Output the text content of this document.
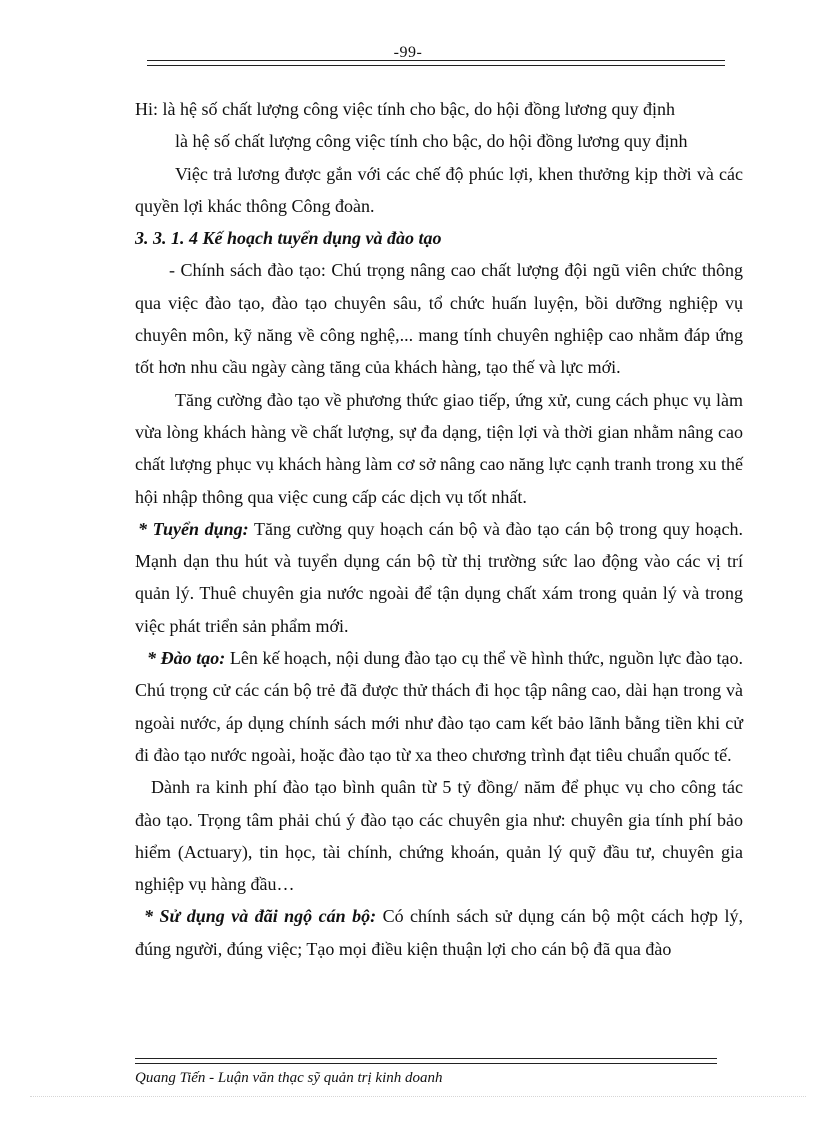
-99-

Hi: là hệ số chất lượng công việc tính cho bậc, do hội đồng lương quy định

là hệ số chất lượng công việc tính cho bậc, do hội đồng lương quy định

Việc trả lương được gắn với các chế độ phúc lợi, khen thưởng kịp thời và các quyền lợi khác thông Công đoàn.

3. 3. 1. 4 Kế hoạch tuyển dụng và đào tạo

- Chính sách đào tạo: Chú trọng nâng cao chất lượng đội ngũ viên chức thông qua việc đào tạo, đào tạo chuyên sâu, tổ chức huấn luyện, bồi dưỡng nghiệp vụ chuyên môn, kỹ năng về công nghệ,... mang tính chuyên nghiệp cao nhằm đáp ứng tốt hơn nhu cầu ngày càng tăng của khách hàng, tạo thế và lực mới.

Tăng cường đào tạo về phương thức giao tiếp, ứng xử, cung cách phục vụ làm vừa lòng khách hàng về chất lượng, sự đa dạng, tiện lợi và thời gian nhằm nâng cao chất lượng phục vụ khách hàng làm cơ sở nâng cao năng lực cạnh tranh trong xu thế hội nhập thông qua việc cung cấp các dịch vụ tốt nhất.

* Tuyển dụng: Tăng cường quy hoạch cán bộ và đào tạo cán bộ trong quy hoạch. Mạnh dạn thu hút và tuyển dụng cán bộ từ thị trường sức lao động vào các vị trí quản lý. Thuê chuyên gia nước ngoài để tận dụng chất xám trong quản lý và trong việc phát triển sản phẩm mới.

* Đào tạo: Lên kế hoạch, nội dung đào tạo cụ thể về hình thức, nguồn lực đào tạo. Chú trọng cử các cán bộ trẻ đã được thử thách đi học tập nâng cao, dài hạn trong và ngoài nước, áp dụng chính sách mới như đào tạo cam kết bảo lãnh bằng tiền khi cử đi đào tạo nước ngoài, hoặc đào tạo từ xa theo chương trình đạt tiêu chuẩn quốc tế.

Dành ra kinh phí đào tạo bình quân từ 5 tỷ đồng/ năm để phục vụ cho công tác đào tạo. Trọng tâm phải chú ý đào tạo các chuyên gia như: chuyên gia tính phí bảo hiểm (Actuary), tin học, tài chính, chứng khoán, quản lý quỹ đầu tư, chuyên gia nghiệp vụ hàng đầu…

* Sử dụng và đãi ngộ cán bộ: Có chính sách sử dụng cán bộ một cách hợp lý, đúng người, đúng việc; Tạo mọi điều kiện thuận lợi cho cán bộ đã qua đào

Quang Tiến - Luận văn thạc sỹ quản trị kinh doanh
